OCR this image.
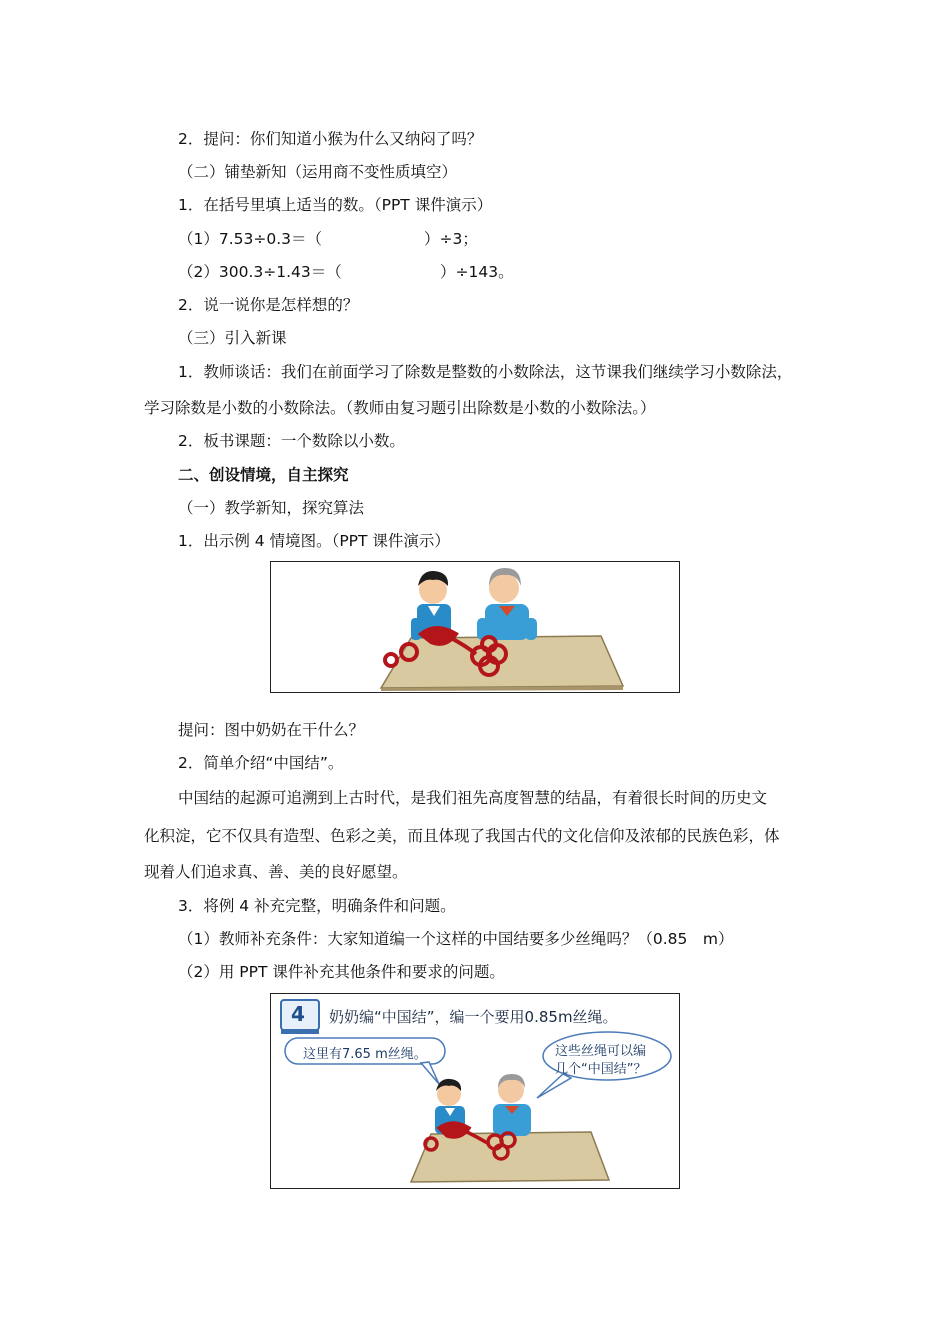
2．提问：你们知道小猴为什么又纳闷了吗？
（二）铺垫新知（运用商不变性质填空）
1．在括号里填上适当的数。（PPT 课件演示）
（1）7.53÷0.3＝（	）÷3；
（2）300.3÷1.43＝（	）÷143。
2．说一说你是怎样想的？
（三）引入新课
1．教师谈话：我们在前面学习了除数是整数的小数除法，这节课我们继续学习小数除法，
学习除数是小数的小数除法。（教师由复习题引出除数是小数的小数除法。）
2．板书课题：一个数除以小数。
二、创设情境，自主探究
（一）教学新知，探究算法
1．出示例 4 情境图。（PPT 课件演示）
提问：图中奶奶在干什么？
2．简单介绍“中国结”。
中国结的起源可追溯到上古时代，是我们祖先高度智慧的结晶，有着很长时间的历史文
化积淀，它不仅具有造型、色彩之美，而且体现了我国古代的文化信仰及浓郁的民族色彩，体
现着人们追求真、善、美的良好愿望。
3．将例 4 补充完整，明确条件和问题。
（1）教师补充条件：大家知道编一个这样的中国结要多少丝绳吗？（0.85　m）
（2）用 PPT 课件补充其他条件和要求的问题。
4 奶奶编“中国结”，编一个要用0.85m丝绳。
这里有7.65 m丝绳。	这些丝绳可以编
几个“中国结”？
